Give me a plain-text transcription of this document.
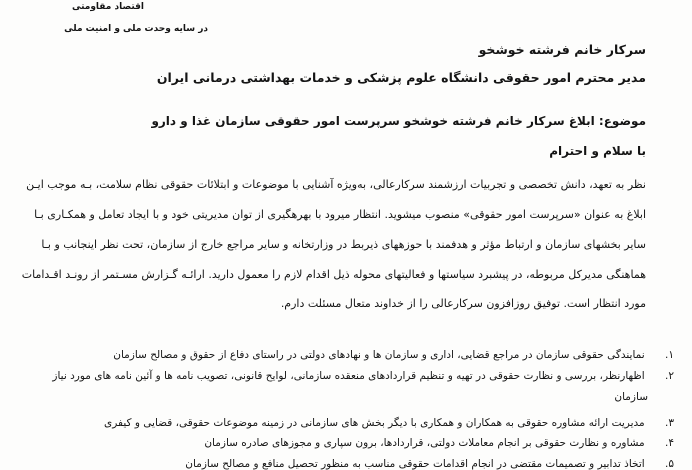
اقتصاد مقاومتی
در سایه وحدت ملی و امنیت ملی
سرکار خانم فرشته خوشخو
مدیر محترم امور حقوقی دانشگاه علوم پزشکی و خدمات بهداشتی درمانی ایران
موضوع: ابلاغ سرکار خانم فرشته خوشخو سرپرست امور حقوقی سازمان غذا و دارو
با سلام و احترام
نظر به تعهد، دانش تخصصی و تجربیات ارزشمند سرکارعالی، بەویژه آشنایی با موضوعات و ابتلائات حقوقی نظام سلامت، بـه موجب ایـن
ابلاغ به عنوان «سرپرست امور حقوقی» منصوب میشوید. انتظار میرود با بهرهگیری از توان مدیریتی خود و با ایجاد تعامل و همکـاری بـا
سایر بخشهای سازمان و ارتباط مؤثر و هدفمند با حوزههای ذیربط در وزارتخانه و سایر مراجع خارج از سازمان، تحت نظر اینجانب و بـا
هماهنگی مدیرکل مربوطه، در پیشبرد سیاستها و فعالیتهای محوله ذیل اقدام لازم را معمول دارید. ارائـه گـزارش مسـتمر از رونـد اقـدامات
مورد انتظار است. توفیق روزافزون سرکارعالی را از خداوند متعال مسئلت دارم.
۱. نمایندگی حقوقی سازمان در مراجع قضایی، اداری و سازمان ها و نهادهای دولتی در راستای دفاع از حقوق و مصالح سازمان
۲. اظهارنظر، بررسی و نظارت حقوقی در تهیه و تنظیم قراردادهای منعقده سازمانی، لوایح قانونی، تصویب نامه ها و آئین نامه های مورد نیاز
سازمان
۳. مدیریت ارائه مشاوره حقوقی به همکاران و همکاری با دیگر بخش های سازمانی در زمینه موضوعات حقوقی، قضایی و کیفری
۴. مشاوره و نظارت حقوقی بر انجام معاملات دولتی، قراردادها، برون سپاری و مجوزهای صادره سازمان
۵. اتخاذ تدابیر و تصمیمات مقتضی در انجام اقدامات حقوقی مناسب به منظور تحصیل منافع و مصالح سازمان
